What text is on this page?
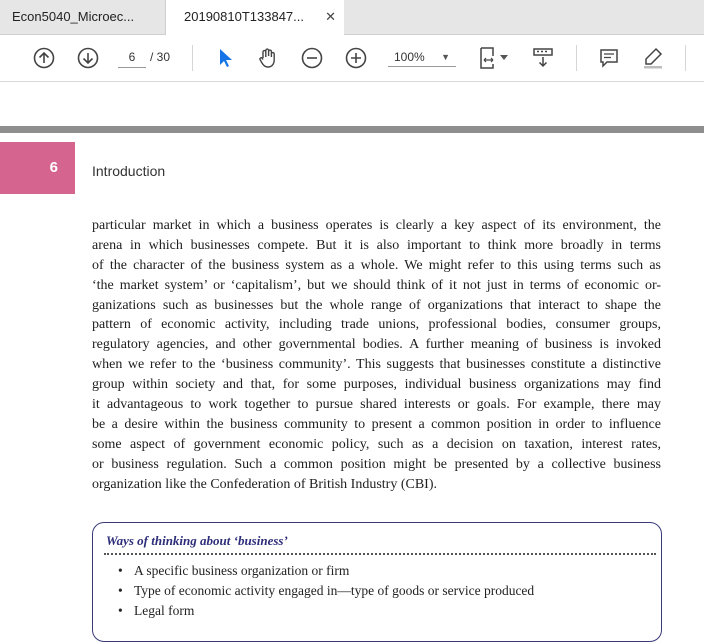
Econ5040_Microec...	20190810T133847... ✕
6	/ 30	100% ▼
6	Introduction
particular market in which a business operates is clearly a key aspect of its environment, the
arena in which businesses compete. But it is also important to think more broadly in terms
of the character of the business system as a whole. We might refer to this using terms such as
‘the market system’ or ‘capitalism’, but we should think of it not just in terms of economic or-
ganizations such as businesses but the whole range of organizations that interact to shape the
pattern of economic activity, including trade unions, professional bodies, consumer groups,
regulatory agencies, and other governmental bodies. A further meaning of business is invoked
when we refer to the ‘business community’. This suggests that businesses constitute a distinctive
group within society and that, for some purposes, individual business organizations may find
it advantageous to work together to pursue shared interests or goals. For example, there may
be a desire within the business community to present a common position in order to influence
some aspect of government economic policy, such as a decision on taxation, interest rates,
or business regulation. Such a common position might be presented by a collective business
organization like the Confederation of British Industry (CBI).
Ways of thinking about ‘business’
• A specific business organization or firm
• Type of economic activity engaged in—type of goods or service produced
• Legal form
